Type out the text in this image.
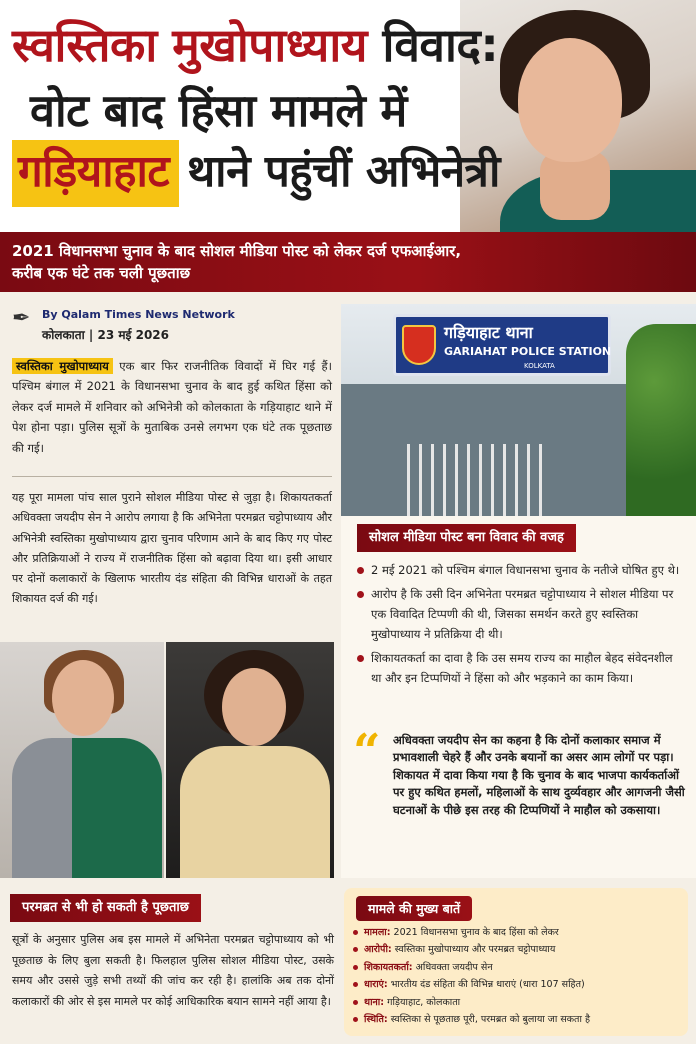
स्वस्तिका मुखोपाध्याय विवाद:
वोट बाद हिंसा मामले में
गड़ियाहाट थाने पहुंचीं अभिनेत्री

2021 विधानसभा चुनाव के बाद सोशल मीडिया पोस्ट को लेकर दर्ज एफआईआर, करीब एक घंटे तक चली पूछताछ

✒ By Qalam Times News Network
कोलकाता | 23 मई 2026	गड़ियाहाट थाना
GARIAHAT POLICE STATION
KOLKATA
स्वस्तिका मुखोपाध्याय एक बार फिर राजनीतिक विवादों में घिर गई हैं। पश्चिम बंगाल में 2021 के विधानसभा चुनाव के बाद हुई कथित हिंसा को लेकर दर्ज मामले में शनिवार को अभिनेत्री को कोलकाता के गड़ियाहाट थाने में पेश होना पड़ा। पुलिस सूत्रों के मुताबिक उनसे लगभग एक घंटे तक पूछताछ की गई।
यह पूरा मामला पांच साल पुराने सोशल मीडिया पोस्ट से जुड़ा है। शिकायतकर्ता अधिवक्ता जयदीप सेन ने आरोप लगाया है कि अभिनेता परमब्रत चट्टोपाध्याय और अभिनेत्री स्वस्तिका मुखोपाध्याय द्वारा चुनाव परिणाम आने के बाद किए गए पोस्ट और प्रतिक्रियाओं ने राज्य में राजनीतिक हिंसा को बढ़ावा दिया था। इसी आधार पर दोनों कलाकारों के खिलाफ भारतीय दंड संहिता की विभिन्न धाराओं के तहत शिकायत दर्ज की गई।
सोशल मीडिया पोस्ट बना विवाद की वजह
2 मई 2021 को पश्चिम बंगाल विधानसभा चुनाव के नतीजे घोषित हुए थे।
आरोप है कि उसी दिन अभिनेता परमब्रत चट्टोपाध्याय ने सोशल मीडिया पर एक विवादित टिप्पणी की थी, जिसका समर्थन करते हुए स्वस्तिका मुखोपाध्याय ने प्रतिक्रिया दी थी।
शिकायतकर्ता का दावा है कि उस समय राज्य का माहौल बेहद संवेदनशील था और इन टिप्पणियों ने हिंसा को और भड़काने का काम किया।
“ अधिवक्ता जयदीप सेन का कहना है कि दोनों कलाकार समाज में प्रभावशाली चेहरे हैं और उनके बयानों का असर आम लोगों पर पड़ा। शिकायत में दावा किया गया है कि चुनाव के बाद भाजपा कार्यकर्ताओं पर हुए कथित हमलों, महिलाओं के साथ दुर्व्यवहार और आगजनी जैसी घटनाओं के पीछे इस तरह की टिप्पणियों ने माहौल को उकसाया।

परमब्रत से भी हो सकती है पूछताछ
सूत्रों के अनुसार पुलिस अब इस मामले में अभिनेता परमब्रत चट्टोपाध्याय को भी पूछताछ के लिए बुला सकती है। फिलहाल पुलिस सोशल मीडिया पोस्ट, उसके समय और उससे जुड़े सभी तथ्यों की जांच कर रही है। हालांकि अब तक दोनों कलाकारों की ओर से इस मामले पर कोई आधिकारिक बयान सामने नहीं आया है।
मामले की मुख्य बातें
मामला: 2021 विधानसभा चुनाव के बाद हिंसा को लेकर
आरोपी: स्वस्तिका मुखोपाध्याय और परमब्रत चट्टोपाध्याय
शिकायतकर्ता: अधिवक्ता जयदीप सेन
धाराएं: भारतीय दंड संहिता की विभिन्न धाराएं (धारा 107 सहित)
थाना: गड़ियाहाट, कोलकाता
स्थिति: स्वस्तिका से पूछताछ पूरी, परमब्रत को बुलाया जा सकता है
